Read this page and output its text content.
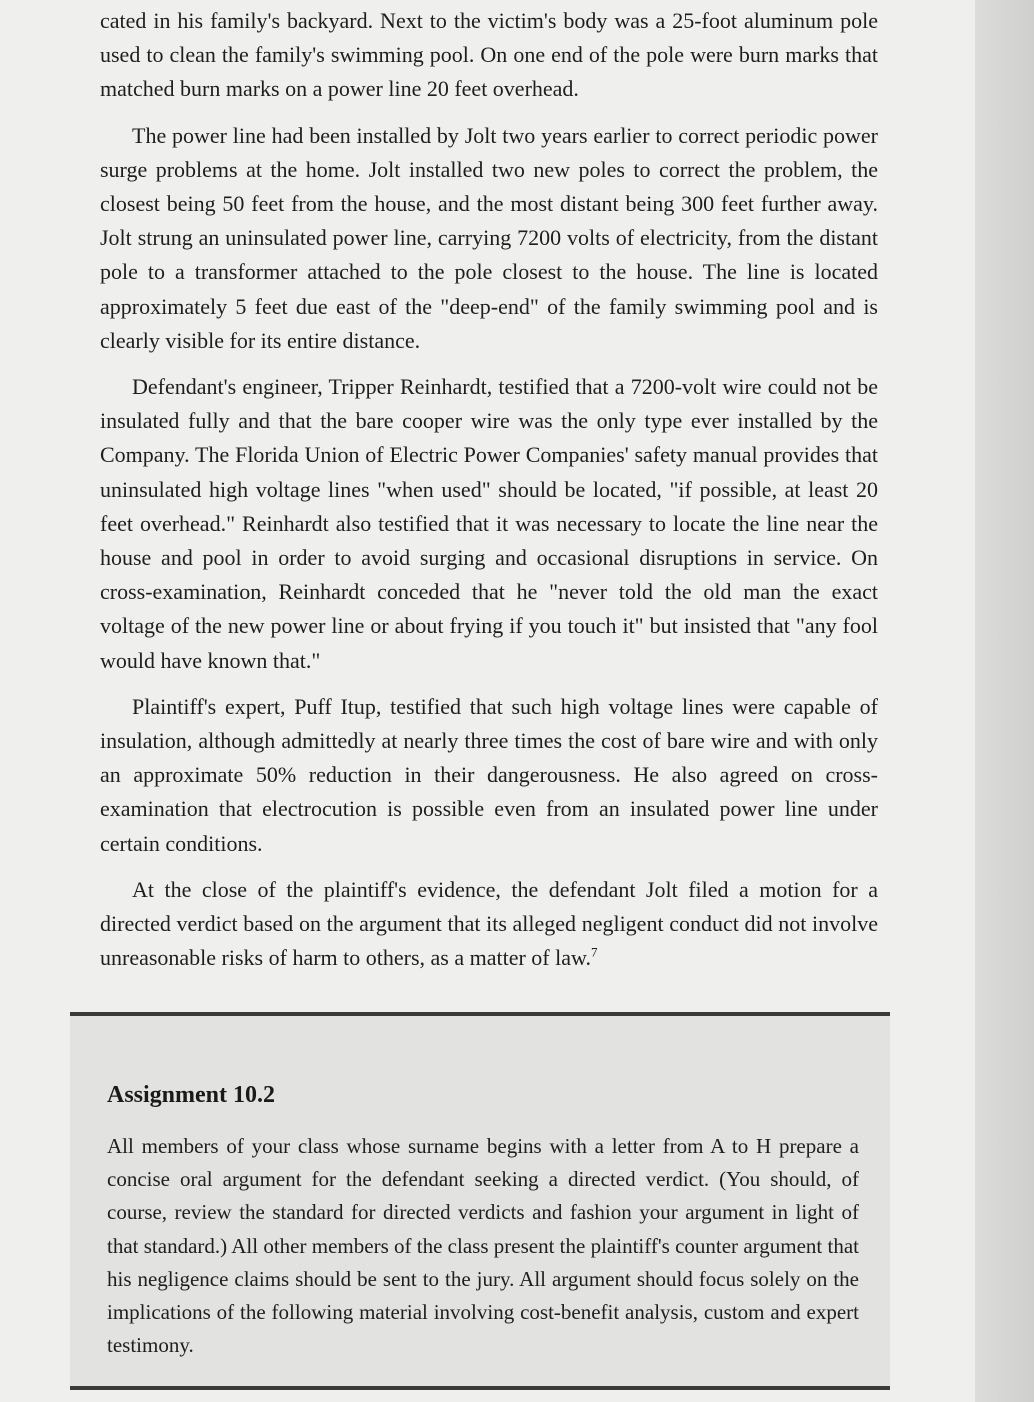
cated in his family's backyard. Next to the victim's body was a 25-foot aluminum pole used to clean the family's swimming pool. On one end of the pole were burn marks that matched burn marks on a power line 20 feet overhead.

The power line had been installed by Jolt two years earlier to correct periodic power surge problems at the home. Jolt installed two new poles to correct the problem, the closest being 50 feet from the house, and the most distant being 300 feet further away. Jolt strung an uninsulated power line, carrying 7200 volts of electricity, from the distant pole to a transformer attached to the pole closest to the house. The line is located approximately 5 feet due east of the "deep-end" of the family swimming pool and is clearly visible for its entire distance.

Defendant's engineer, Tripper Reinhardt, testified that a 7200-volt wire could not be insulated fully and that the bare cooper wire was the only type ever installed by the Company. The Florida Union of Electric Power Companies' safety manual provides that uninsulated high voltage lines "when used" should be located, "if possible, at least 20 feet overhead." Reinhardt also testified that it was necessary to locate the line near the house and pool in order to avoid surging and occasional disruptions in service. On cross-examination, Reinhardt conceded that he "never told the old man the exact voltage of the new power line or about frying if you touch it" but insisted that "any fool would have known that."

Plaintiff's expert, Puff Itup, testified that such high voltage lines were capable of insulation, although admittedly at nearly three times the cost of bare wire and with only an approximate 50% reduction in their dangerousness. He also agreed on cross-examination that electrocution is possible even from an insulated power line under certain conditions.

At the close of the plaintiff's evidence, the defendant Jolt filed a motion for a directed verdict based on the argument that its alleged negligent conduct did not involve unreasonable risks of harm to others, as a matter of law.$^7$

Assignment 10.2

All members of your class whose surname begins with a letter from A to H prepare a concise oral argument for the defendant seeking a directed verdict. (You should, of course, review the standard for directed verdicts and fashion your argument in light of that standard.) All other members of the class present the plaintiff's counter argument that his negligence claims should be sent to the jury. All argument should focus solely on the implications of the following material involving cost-benefit analysis, custom and expert testimony.
